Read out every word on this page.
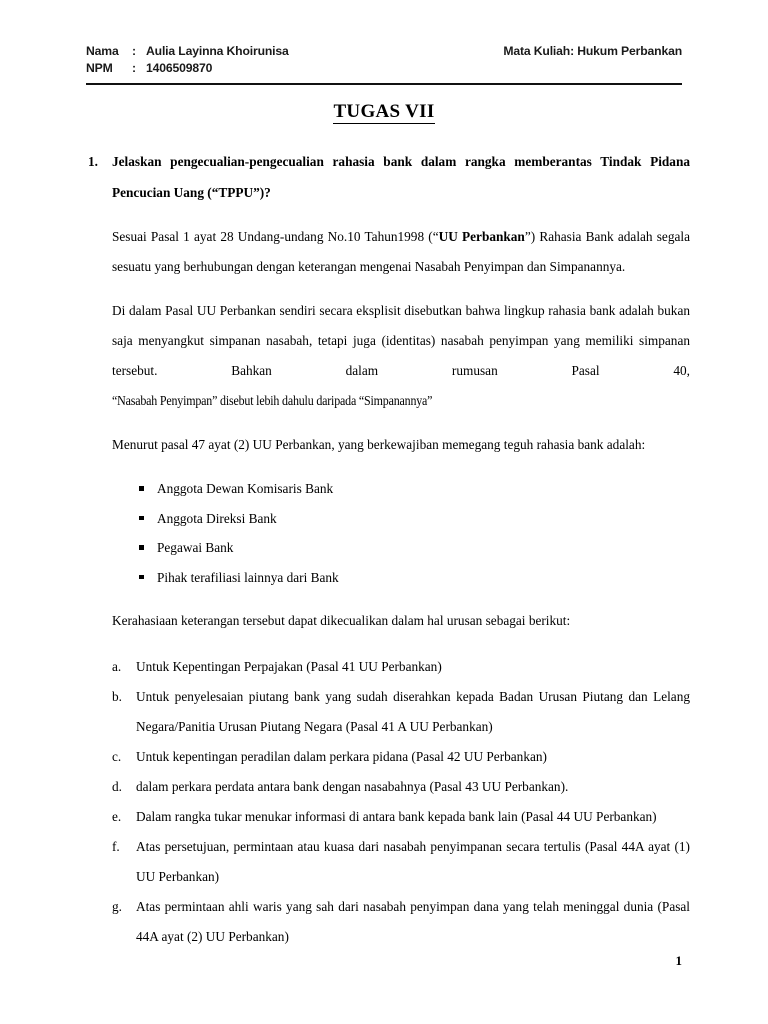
Nama	: Aulia Layinna Khoirunisa	Mata Kuliah: Hukum Perbankan
NPM	: 1406509870
TUGAS VII
1. Jelaskan pengecualian-pengecualian rahasia bank dalam rangka memberantas Tindak Pidana Pencucian Uang (“TPPU”)?

Sesuai Pasal 1 ayat 28 Undang-undang No.10 Tahun1998 (“UU Perbankan”) Rahasia Bank adalah segala sesuatu yang berhubungan dengan keterangan mengenai Nasabah Penyimpan dan Simpanannya.

Di dalam Pasal UU Perbankan sendiri secara eksplisit disebutkan bahwa lingkup rahasia bank adalah bukan saja menyangkut simpanan nasabah, tetapi juga (identitas) nasabah penyimpan yang memiliki simpanan tersebut. Bahkan dalam rumusan Pasal 40, “Nasabah Penyimpan” disebut lebih dahulu daripada “Simpanannya”

Menurut pasal 47 ayat (2) UU Perbankan, yang berkewajiban memegang teguh rahasia bank adalah:

Anggota Dewan Komisaris Bank
Anggota Direksi Bank
Pegawai Bank
Pihak terafiliasi lainnya dari Bank

Kerahasiaan keterangan tersebut dapat dikecualikan dalam hal urusan sebagai berikut:

a. Untuk Kepentingan Perpajakan (Pasal 41 UU Perbankan)
b. Untuk penyelesaian piutang bank yang sudah diserahkan kepada Badan Urusan Piutang dan Lelang Negara/Panitia Urusan Piutang Negara (Pasal 41 A UU Perbankan)
c. Untuk kepentingan peradilan dalam perkara pidana (Pasal 42 UU Perbankan)
d. dalam perkara perdata antara bank dengan nasabahnya (Pasal 43 UU Perbankan).
e. Dalam rangka tukar menukar informasi di antara bank kepada bank lain (Pasal 44 UU Perbankan)
f. Atas persetujuan, permintaan atau kuasa dari nasabah penyimpanan secara tertulis (Pasal 44A ayat (1) UU Perbankan)
g. Atas permintaan ahli waris yang sah dari nasabah penyimpan dana yang telah meninggal dunia (Pasal 44A ayat (2) UU Perbankan)
1
